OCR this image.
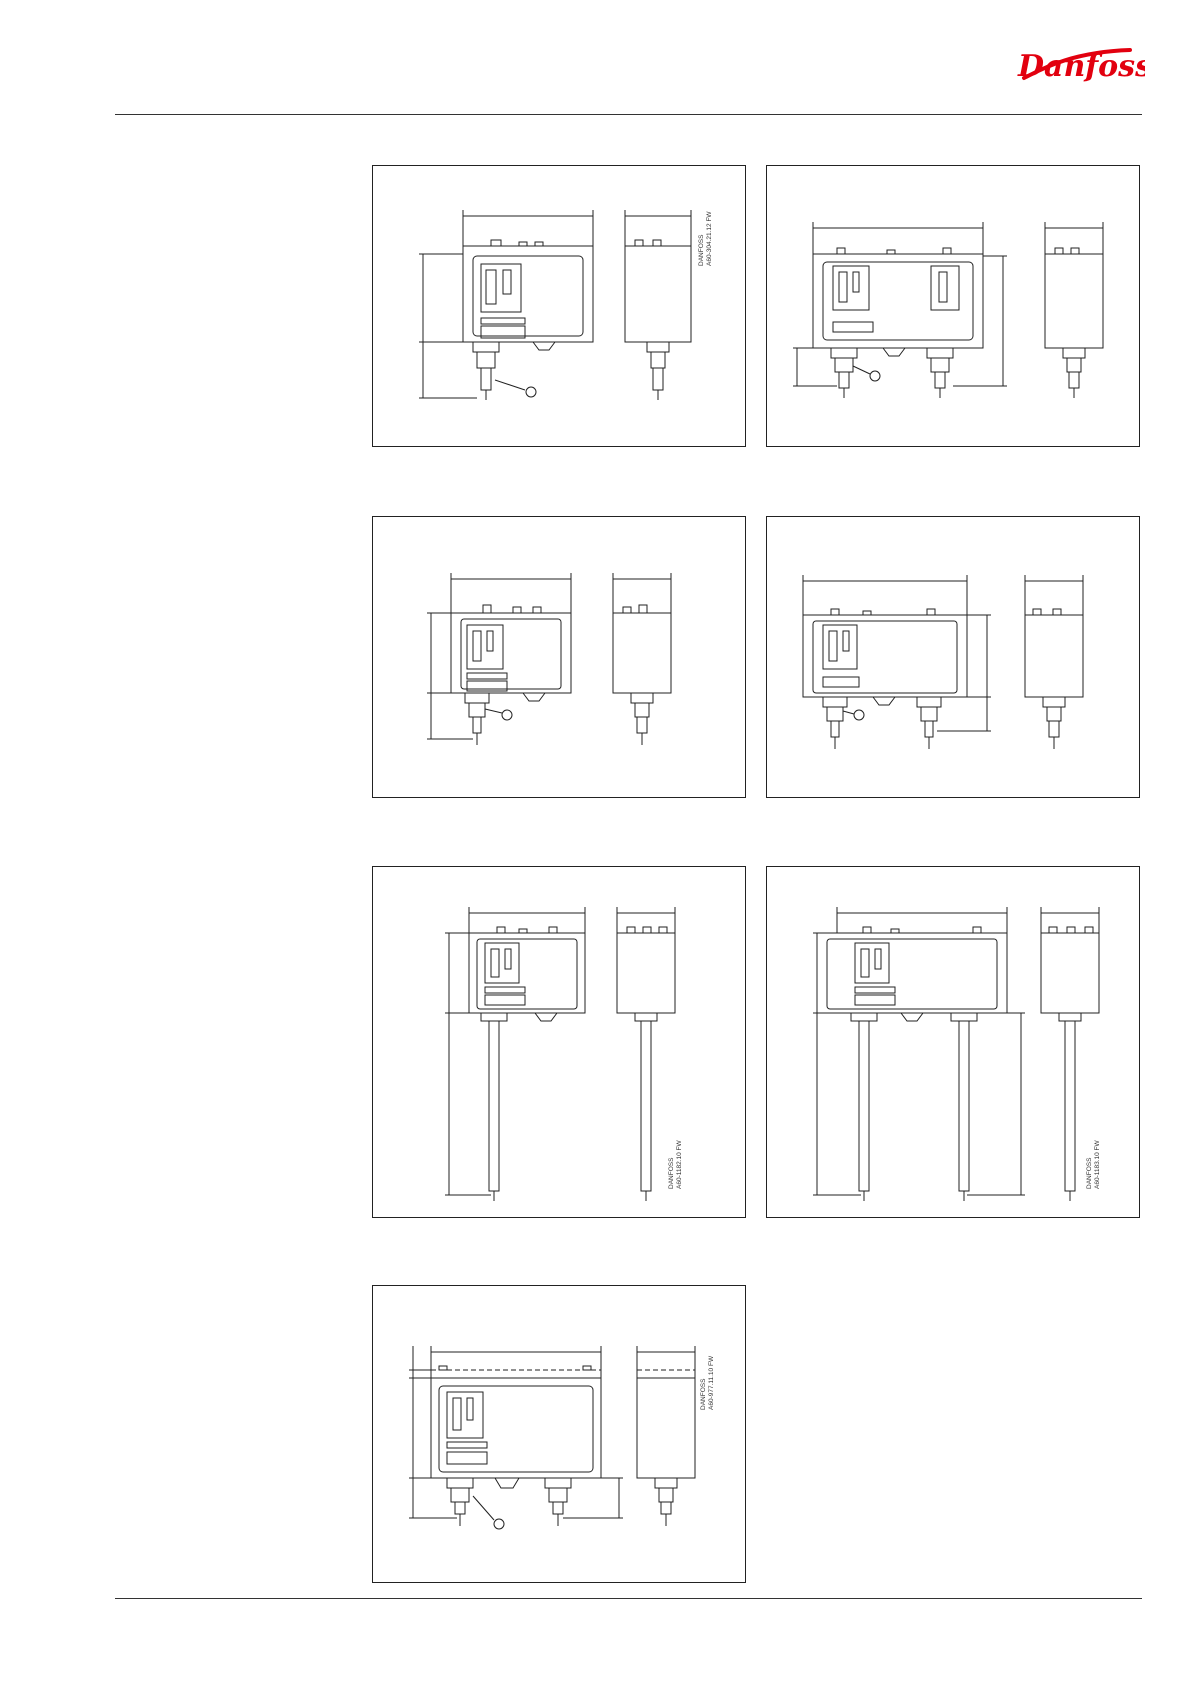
Danfoss
DANFOSS A60-304.21.12 FW
DANFOSS A60-1182.10 FW	DANFOSS A60-1183.10 FW
DANFOSS A60-977.11.10 FW
